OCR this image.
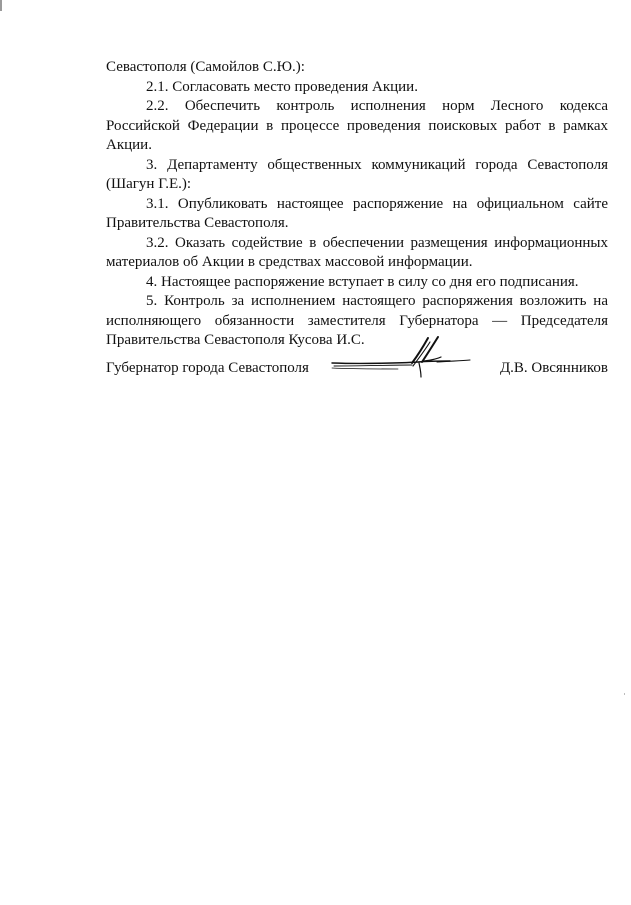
Севастополя (Самойлов С.Ю.):

2.1. Согласовать место проведения Акции.

2.2. Обеспечить контроль исполнения норм Лесного кодекса Российской Федерации в процессе проведения поисковых работ в рамках Акции.

3. Департаменту общественных коммуникаций города Севастополя (Шагун Г.Е.):

3.1. Опубликовать настоящее распоряжение на официальном сайте Правительства Севастополя.

3.2. Оказать содействие в обеспечении размещения информационных материалов об Акции в средствах массовой информации.

4. Настоящее распоряжение вступает в силу со дня его подписания.

5. Контроль за исполнением настоящего распоряжения возложить на исполняющего обязанности заместителя Губернатора — Председателя Правительства Севастополя Кусова И.С.

Губернатор города Севастополя	Д.В. Овсянников
